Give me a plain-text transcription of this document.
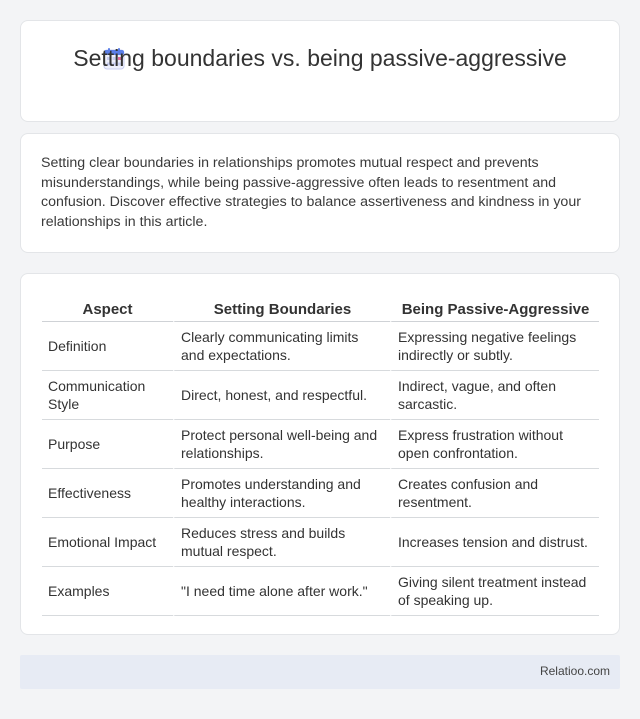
Setting boundaries vs. being passive-aggressive

Setting clear boundaries in relationships promotes mutual respect and prevents misunderstandings, while being passive-aggressive often leads to resentment and confusion. Discover effective strategies to balance assertiveness and kindness in your relationships in this article.

Aspect	Setting Boundaries	Being Passive-Aggressive
Definition	Clearly communicating limits and expectations.	Expressing negative feelings indirectly or subtly.
Communication Style	Direct, honest, and respectful.	Indirect, vague, and often sarcastic.
Purpose	Protect personal well-being and relationships.	Express frustration without open confrontation.
Effectiveness	Promotes understanding and healthy interactions.	Creates confusion and resentment.
Emotional Impact	Reduces stress and builds mutual respect.	Increases tension and distrust.
Examples	"I need time alone after work."	Giving silent treatment instead of speaking up.
Relatioo.com
